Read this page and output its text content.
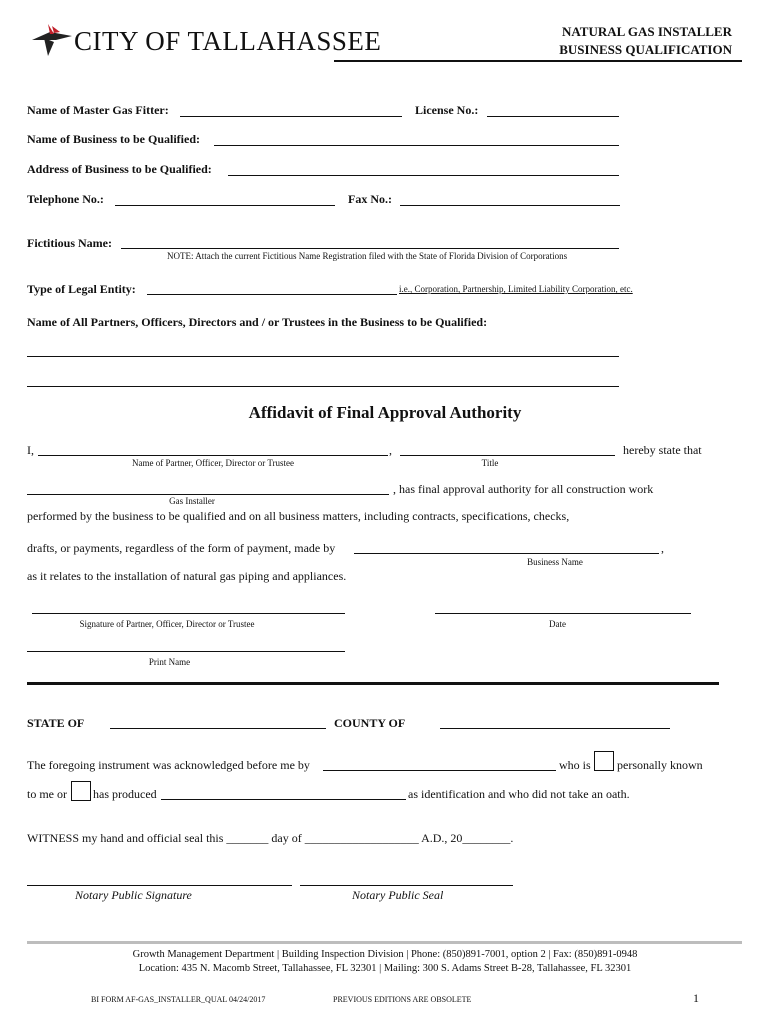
CITY OF TALLAHASSEE	NATURAL GAS INSTALLER
BUSINESS QUALIFICATION
Name of Master Gas Fitter:	License No.:
Name of Business to be Qualified:
Address of Business to be Qualified:
Telephone No.:	Fax No.:
Fictitious Name:
NOTE: Attach the current Fictitious Name Registration filed with the State of Florida Division of Corporations
Type of Legal Entity:	i.e., Corporation, Partnership, Limited Liability Corporation, etc.
Name of All Partners, Officers, Directors and / or Trustees in the Business to be Qualified:
Affidavit of Final Approval Authority
I,	,	hereby state that
Name of Partner, Officer, Director or Trustee	Title
, has final approval authority for all construction work
Gas Installer
performed by the business to be qualified and on all business matters, including contracts, specifications, checks,
drafts, or payments, regardless of the form of payment, made by	,
Business Name
as it relates to the installation of natural gas piping and appliances.
Signature of Partner, Officer, Director or Trustee	Date
Print Name
STATE OF	COUNTY OF
The foregoing instrument was acknowledged before me by	who is personally known
to me or has produced	as identification and who did not take an oath.
WITNESS my hand and official seal this _______ day of ___________________ A.D., 20________.
Notary Public Signature	Notary Public Seal
Growth Management Department | Building Inspection Division | Phone: (850)891-7001, option 2 | Fax: (850)891-0948
Location: 435 N. Macomb Street, Tallahassee, FL 32301 | Mailing: 300 S. Adams Street B-28, Tallahassee, FL 32301
BI FORM AF-GAS_INSTALLER_QUAL 04/24/2017	PREVIOUS EDITIONS ARE OBSOLETE	1
